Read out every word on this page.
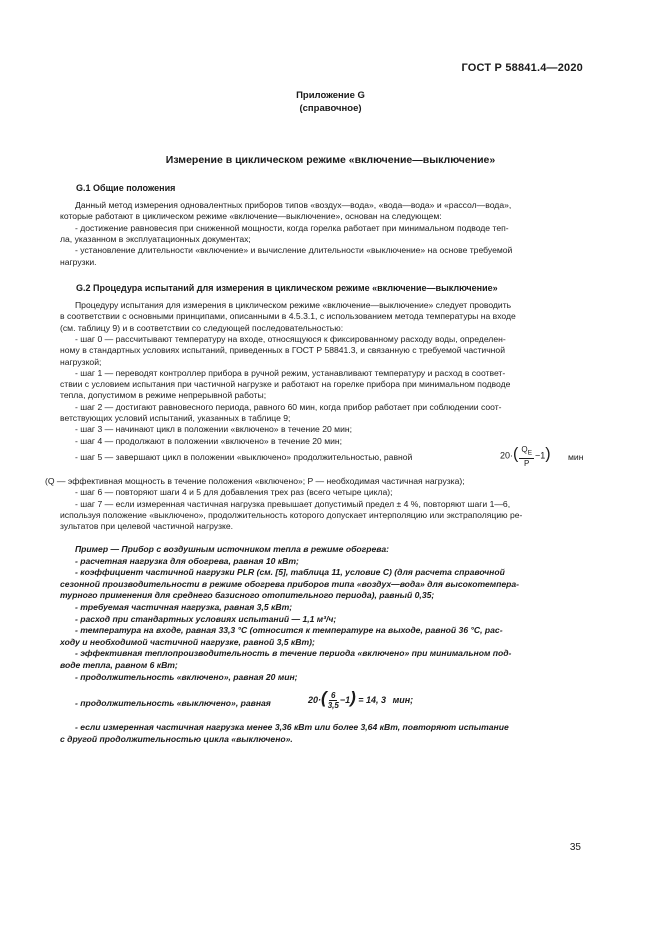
ГОСТ Р 58841.4—2020
Приложение G
(справочное)
Измерение в циклическом режиме «включение—выключение»
G.1 Общие положения
Данный метод измерения одновалентных приборов типов «воздух—вода», «вода—вода» и «рассол—вода»,
которые работают в циклическом режиме «включение—выключение», основан на следующем:
- достижение равновесия при сниженной мощности, когда горелка работает при минимальном подводе теп-
ла, указанном в эксплуатационных документах;
- установление длительности «включение» и вычисление длительности «выключение» на основе требуемой
нагрузки.
G.2 Процедура испытаний для измерения в циклическом режиме «включение—выключение»
Процедуру испытания для измерения в циклическом режиме «включение—выключение» следует проводить
в соответствии с основными принципами, описанными в 4.5.3.1, с использованием метода температуры на входе
(см. таблицу 9) и в соответствии со следующей последовательностью:
- шаг 0 — рассчитывают температуру на входе, относящуюся к фиксированному расходу воды, определен-
ному в стандартных условиях испытаний, приведенных в ГОСТ Р 58841.3, и связанную с требуемой частичной
нагрузкой;
- шаг 1 — переводят контроллер прибора в ручной режим, устанавливают температуру и расход в соответ-
ствии с условием испытания при частичной нагрузке и работают на горелке прибора при минимальном подводе
тепла, допустимом в режиме непрерывной работы;
- шаг 2 — достигают равновесного периода, равного 60 мин, когда прибор работает при соблюдении соот-
ветствующих условий испытаний, указанных в таблице 9;
- шаг 3 — начинают цикл в положении «включено» в течение 20 мин;
- шаг 4 — продолжают в положении «включено» в течение 20 мин;
- шаг 5 — завершают цикл в положении «выключено» продолжительностью, равной	$20\cdot( \frac{Q_E}{P} -1)$ мин
(Q — эффективная мощность в течение положения «включено»; P — необходимая частичная нагрузка);
- шаг 6 — повторяют шаги 4 и 5 для добавления трех раз (всего четыре цикла);
- шаг 7 — если измеренная частичная нагрузка превышает допустимый предел ± 4 %, повторяют шаги 1—6,
используя положение «выключено», продолжительность которого допускает интерполяцию или экстраполяцию ре-
зультатов при целевой частичной нагрузке.
Пример — Прибор с воздушным источником тепла в режиме обогрева:
- расчетная нагрузка для обогрева, равная 10 кВт;
- коэффициент частичной нагрузки PLR (см. [5], таблица 11, условие C) (для расчета справочной
сезонной производительности в режиме обогрева приборов типа «воздух—вода» для высокотемпера-
турного применения для среднего базисного отопительного периода), равный 0,35;
- требуемая частичная нагрузка, равная 3,5 кВт;
- расход при стандартных условиях испытаний — 1,1 м³/ч;
- температура на входе, равная 33,3 °C (относится к температуре на выходе, равной 36 °C, рас-
ходу и необходимой частичной нагрузке, равной 3,5 кВт);
- эффективная теплопроизводительность в течение периода «включено» при минимальном под-
воде тепла, равном 6 кВт;
- продолжительность «включено», равная 20 мин;
- продолжительность «выключено», равная	$20\cdot( \frac{6}{3,5} -1) = 14$, 3 мин;
- если измеренная частичная нагрузка менее 3,36 кВт или более 3,64 кВт, повторяют испытание
с другой продолжительностью цикла «выключено».
35
